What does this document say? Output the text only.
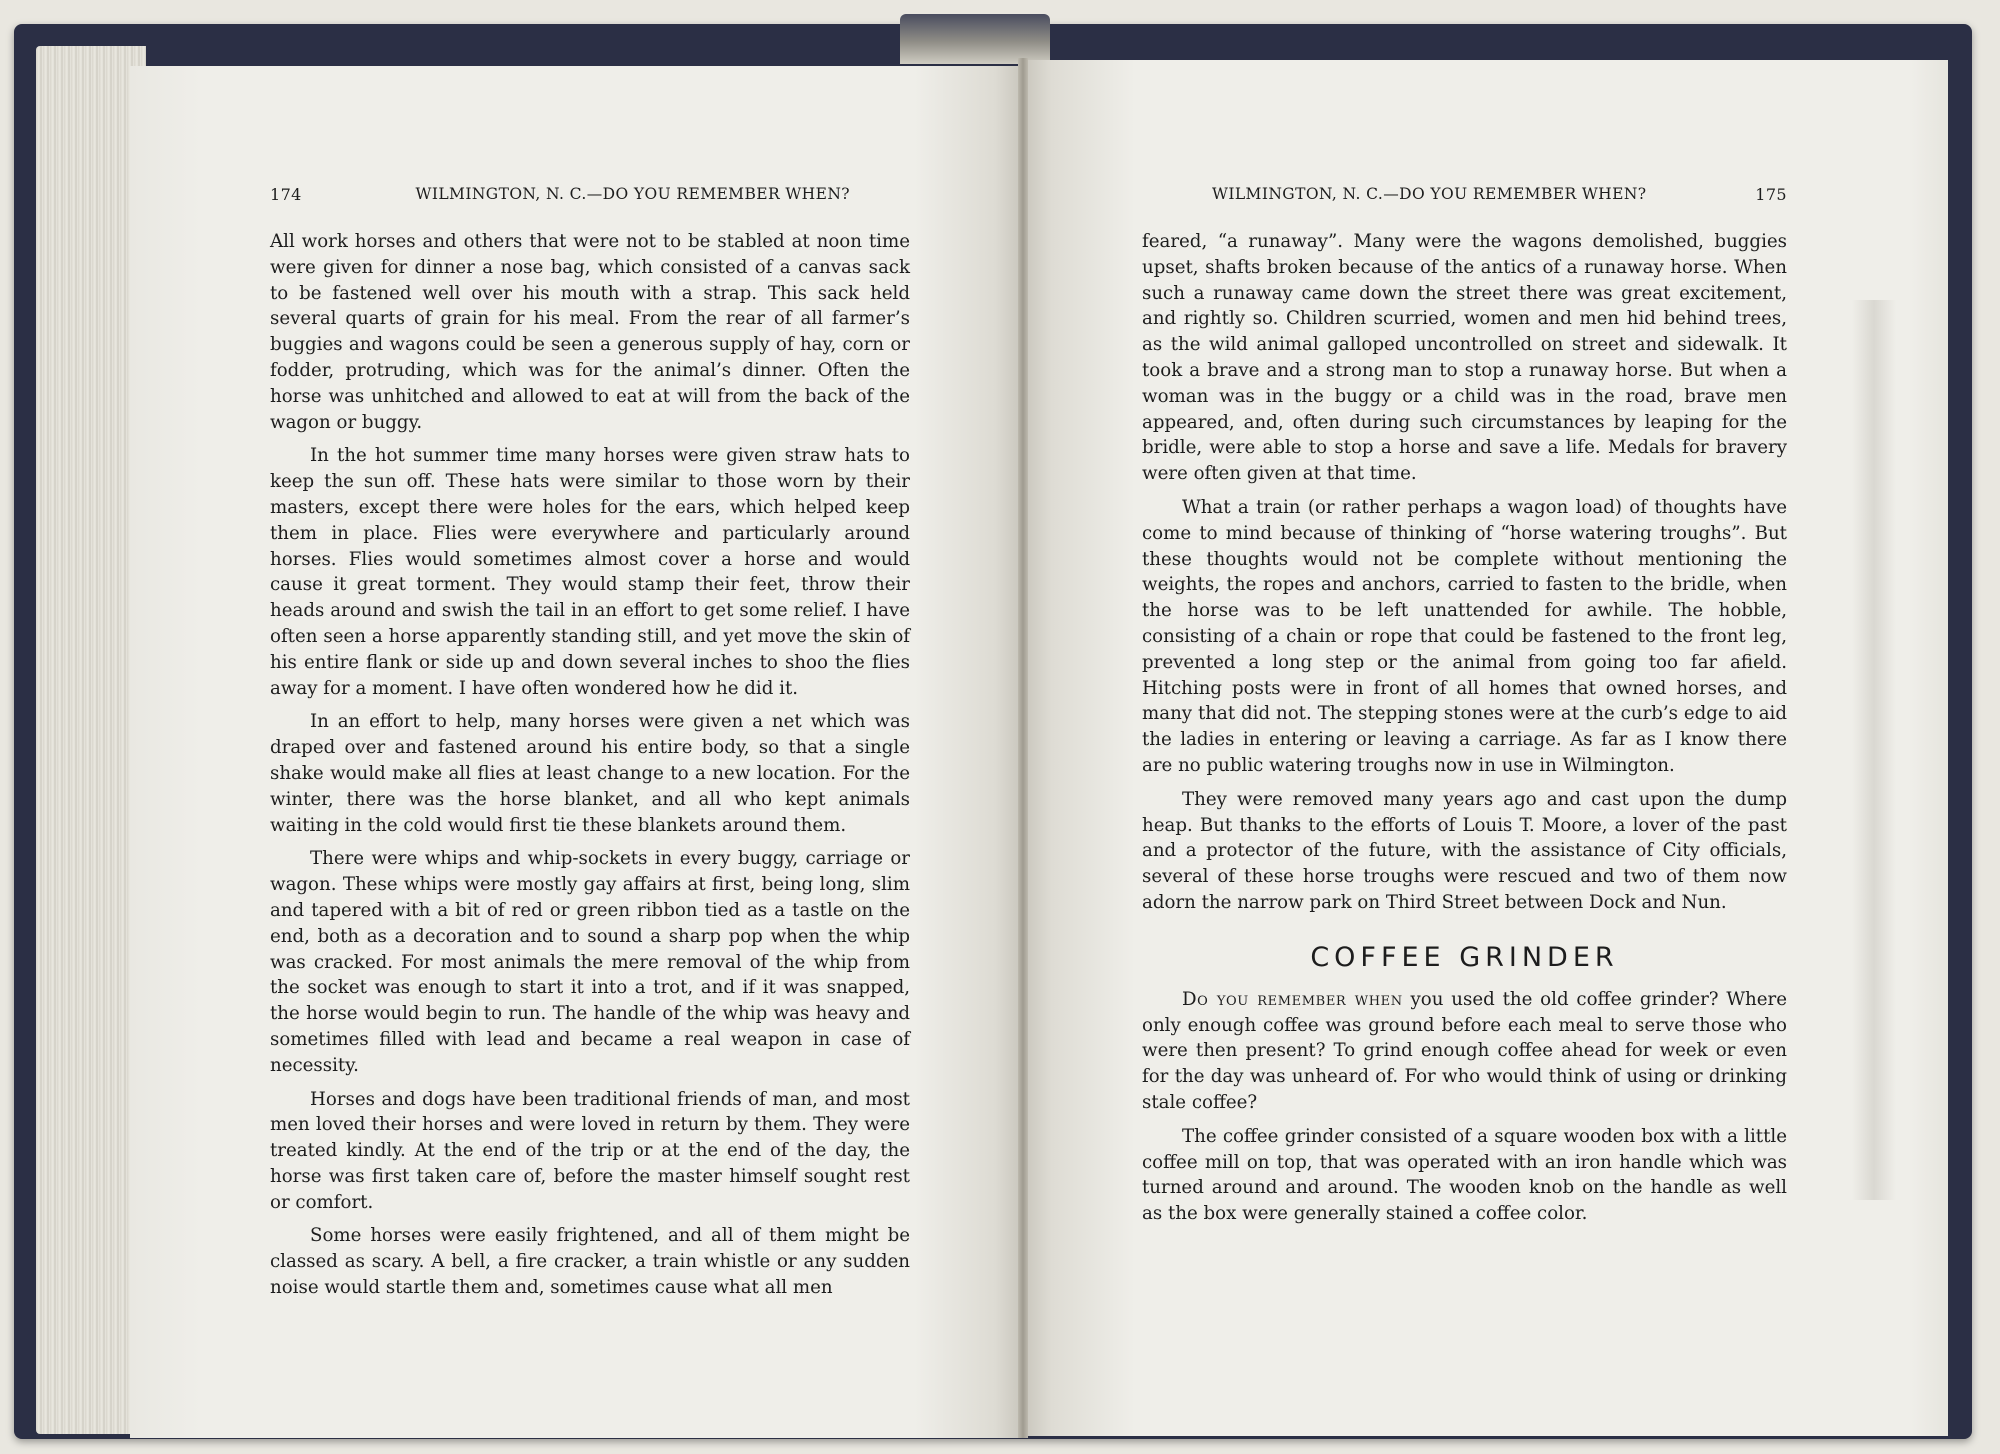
174	WILMINGTON, N. C.—DO YOU REMEMBER WHEN?

All work horses and others that were not to be stabled at noon time were given for dinner a nose bag, which consisted of a canvas sack to be fastened well over his mouth with a strap. This sack held several quarts of grain for his meal. From the rear of all farmer’s buggies and wagons could be seen a generous supply of hay, corn or fodder, protruding, which was for the animal’s dinner. Often the horse was unhitched and allowed to eat at will from the back of the wagon or buggy.

In the hot summer time many horses were given straw hats to keep the sun off. These hats were similar to those worn by their masters, except there were holes for the ears, which helped keep them in place. Flies were everywhere and particularly around horses. Flies would sometimes almost cover a horse and would cause it great torment. They would stamp their feet, throw their heads around and swish the tail in an effort to get some relief. I have often seen a horse apparently standing still, and yet move the skin of his entire flank or side up and down several inches to shoo the flies away for a moment. I have often wondered how he did it.

In an effort to help, many horses were given a net which was draped over and fastened around his entire body, so that a single shake would make all flies at least change to a new location. For the winter, there was the horse blanket, and all who kept animals waiting in the cold would first tie these blankets around them.

There were whips and whip-sockets in every buggy, carriage or wagon. These whips were mostly gay affairs at first, being long, slim and tapered with a bit of red or green ribbon tied as a tastle on the end, both as a decoration and to sound a sharp pop when the whip was cracked. For most animals the mere removal of the whip from the socket was enough to start it into a trot, and if it was snapped, the horse would begin to run. The handle of the whip was heavy and sometimes filled with lead and became a real weapon in case of necessity.

Horses and dogs have been traditional friends of man, and most men loved their horses and were loved in return by them. They were treated kindly. At the end of the trip or at the end of the day, the horse was first taken care of, before the master himself sought rest or comfort.

Some horses were easily frightened, and all of them might be classed as scary. A bell, a fire cracker, a train whistle or any sudden noise would startle them and, sometimes cause what all men

WILMINGTON, N. C.—DO YOU REMEMBER WHEN?	175

feared, “a runaway”. Many were the wagons demolished, buggies upset, shafts broken because of the antics of a runaway horse. When such a runaway came down the street there was great excitement, and rightly so. Children scurried, women and men hid behind trees, as the wild animal galloped uncontrolled on street and sidewalk. It took a brave and a strong man to stop a runaway horse. But when a woman was in the buggy or a child was in the road, brave men appeared, and, often during such circumstances by leaping for the bridle, were able to stop a horse and save a life. Medals for bravery were often given at that time.

What a train (or rather perhaps a wagon load) of thoughts have come to mind because of thinking of “horse watering troughs”. But these thoughts would not be complete without mentioning the weights, the ropes and anchors, carried to fasten to the bridle, when the horse was to be left unattended for awhile. The hobble, consisting of a chain or rope that could be fastened to the front leg, prevented a long step or the animal from going too far afield. Hitching posts were in front of all homes that owned horses, and many that did not. The stepping stones were at the curb’s edge to aid the ladies in entering or leaving a carriage. As far as I know there are no public watering troughs now in use in Wilmington.

They were removed many years ago and cast upon the dump heap. But thanks to the efforts of Louis T. Moore, a lover of the past and a protector of the future, with the assistance of City officials, several of these horse troughs were rescued and two of them now adorn the narrow park on Third Street between Dock and Nun.

COFFEE GRINDER

Do you remember when you used the old coffee grinder? Where only enough coffee was ground before each meal to serve those who were then present? To grind enough coffee ahead for week or even for the day was unheard of. For who would think of using or drinking stale coffee?

The coffee grinder consisted of a square wooden box with a little coffee mill on top, that was operated with an iron handle which was turned around and around. The wooden knob on the handle as well as the box were generally stained a coffee color.
